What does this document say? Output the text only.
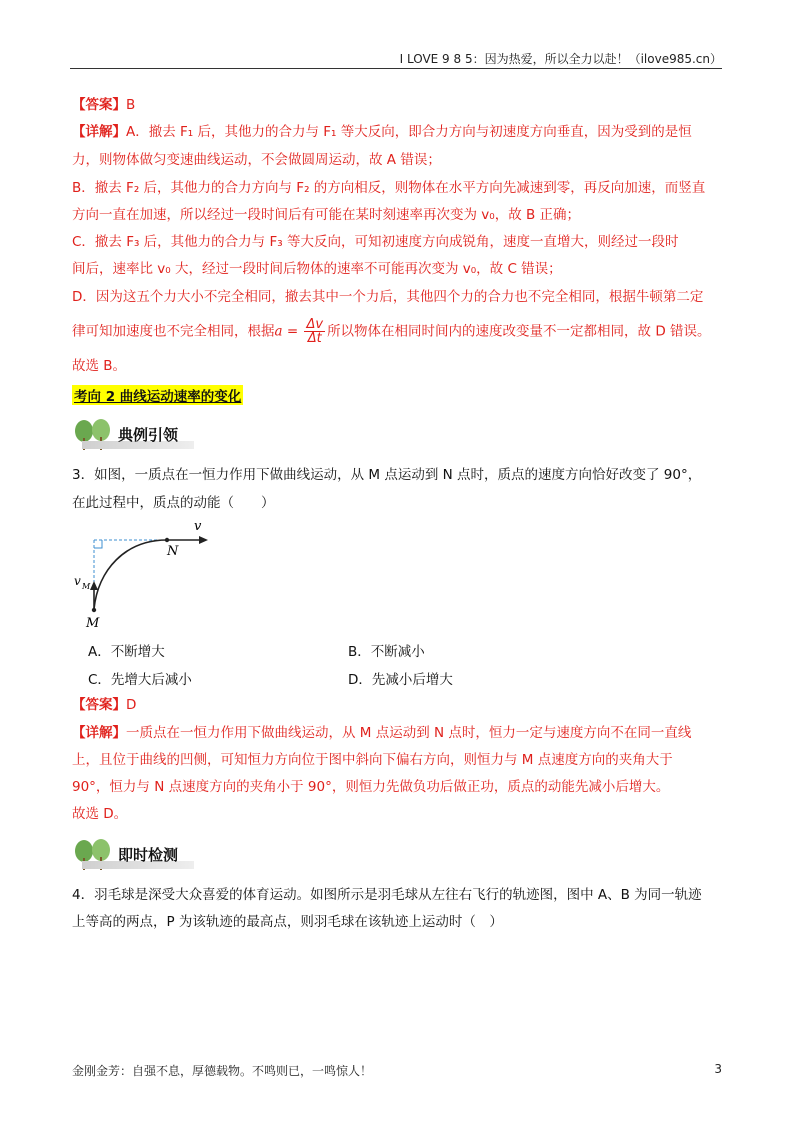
I LOVE 9 8 5：因为热爱，所以全力以赴！（ilove985.cn）
【答案】B
【详解】A．撤去 F₁ 后，其他力的合力与 F₁ 等大反向，即合力方向与初速度方向垂直，因为受到的是恒
力，则物体做匀变速曲线运动，不会做圆周运动，故 A 错误；
B．撤去 F₂ 后，其他力的合力方向与 F₂ 的方向相反，则物体在水平方向先减速到零，再反向加速，而竖直
方向一直在加速，所以经过一段时间后有可能在某时刻速率再次变为 v₀，故 B 正确；
C．撤去 F₃ 后，其他力的合力与 F₃ 等大反向，可知初速度方向成锐角，速度一直增大，则经过一段时
间后，速率比 v₀ 大，经过一段时间后物体的速率不可能再次变为 v₀，故 C 错误；
D．因为这五个力大小不完全相同，撤去其中一个力后，其他四个力的合力也不完全相同，根据牛顿第二定
律可知加速度也不完全相同，根据$a = \frac{\Delta v}{\Delta t}$ 所以物体在相同时间内的速度改变量不一定都相同，故 D 错误。
故选 B。
考向 2 曲线运动速率的变化
典例引领
3．如图，一质点在一恒力作用下做曲线运动，从 M 点运动到 N 点时，质点的速度方向恰好改变了 90°，
在此过程中，质点的动能（　　）
v
N
v M
M
A．不断增大	B．不断减小
C．先增大后减小	D．先减小后增大
【答案】D
【详解】一质点在一恒力作用下做曲线运动，从 M 点运动到 N 点时，恒力一定与速度方向不在同一直线
上，且位于曲线的凹侧，可知恒力方向位于图中斜向下偏右方向，则恒力与 M 点速度方向的夹角大于
90°，恒力与 N 点速度方向的夹角小于 90°，则恒力先做负功后做正功，质点的动能先减小后增大。
故选 D。
即时检测
4．羽毛球是深受大众喜爱的体育运动。如图所示是羽毛球从左往右飞行的轨迹图，图中 A、B 为同一轨迹
上等高的两点，P 为该轨迹的最高点，则羽毛球在该轨迹上运动时（　）
金刚金芳：自强不息，厚德载物。不鸣则已，一鸣惊人！	3
